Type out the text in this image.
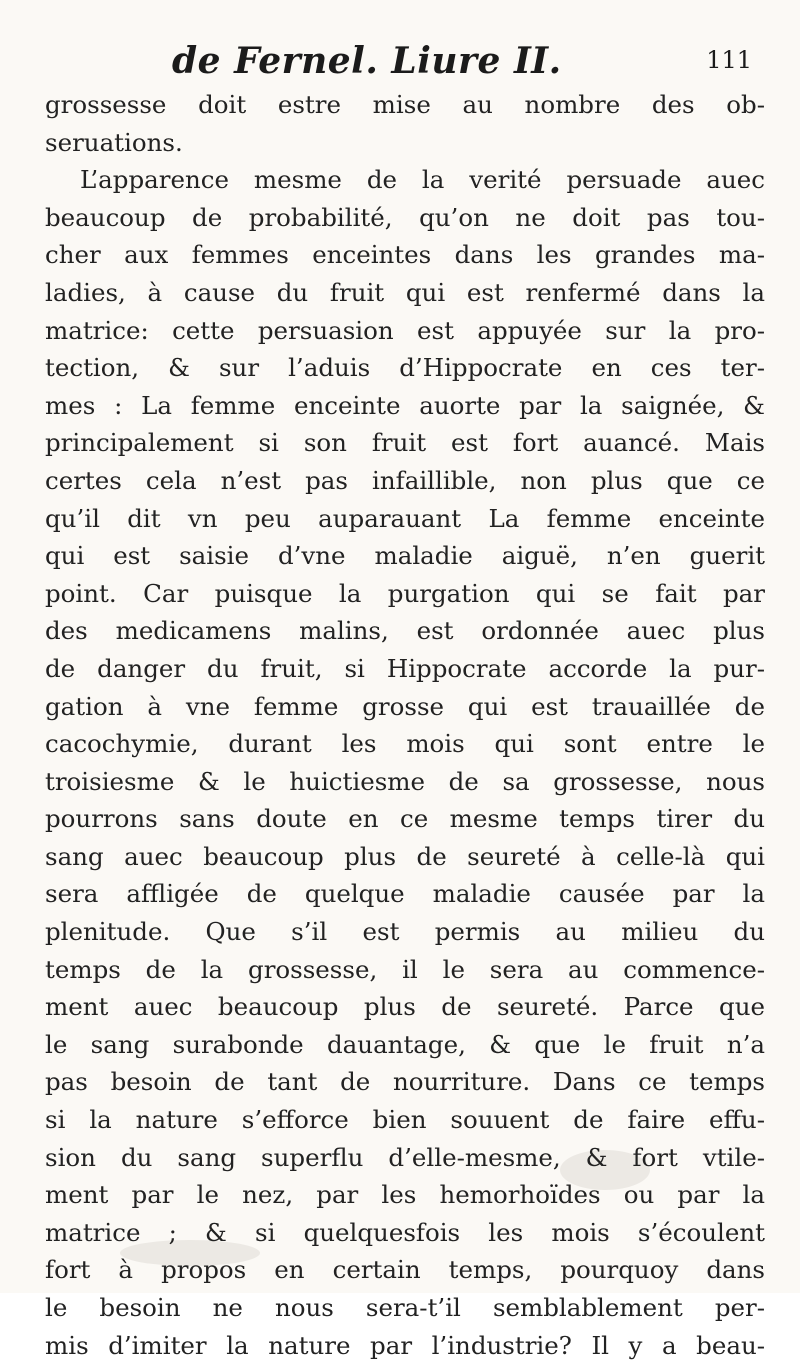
de Fernel. Liure II.	111
grossesse doit estre mise au nombre des ob-
seruations.
L’apparence mesme de la verité persuade auec
beaucoup de probabilité, qu’on ne doit pas tou-
cher aux femmes enceintes dans les grandes ma-
ladies, à cause du fruit qui est renfermé dans la
matrice: cette persuasion est appuyée sur la pro-
tection, & sur l’aduis d’Hippocrate en ces ter-
mes : La femme enceinte auorte par la saignée, &
principalement si son fruit est fort auancé. Mais
certes cela n’est pas infaillible, non plus que ce
qu’il dit vn peu auparauant La femme enceinte
qui est saisie d’vne maladie aiguë, n’en guerit
point. Car puisque la purgation qui se fait par
des medicamens malins, est ordonnée auec plus
de danger du fruit, si Hippocrate accorde la pur-
gation à vne femme grosse qui est trauaillée de
cacochymie, durant les mois qui sont entre le
troisiesme & le huictiesme de sa grossesse, nous
pourrons sans doute en ce mesme temps tirer du
sang auec beaucoup plus de seureté à celle-là qui
sera affligée de quelque maladie causée par la
plenitude. Que s’il est permis au milieu du
temps de la grossesse, il le sera au commence-
ment auec beaucoup plus de seureté. Parce que
le sang surabonde dauantage, & que le fruit n’a
pas besoin de tant de nourriture. Dans ce temps
si la nature s’efforce bien souuent de faire effu-
sion du sang superflu d’elle-mesme, & fort vtile-
ment par le nez, par les hemorhoïdes ou par la
matrice ; & si quelquesfois les mois s’écoulent
fort à propos en certain temps, pourquoy dans
le besoin ne nous sera-t’il semblablement per-
mis d’imiter la nature par l’industrie? Il y a beau-
